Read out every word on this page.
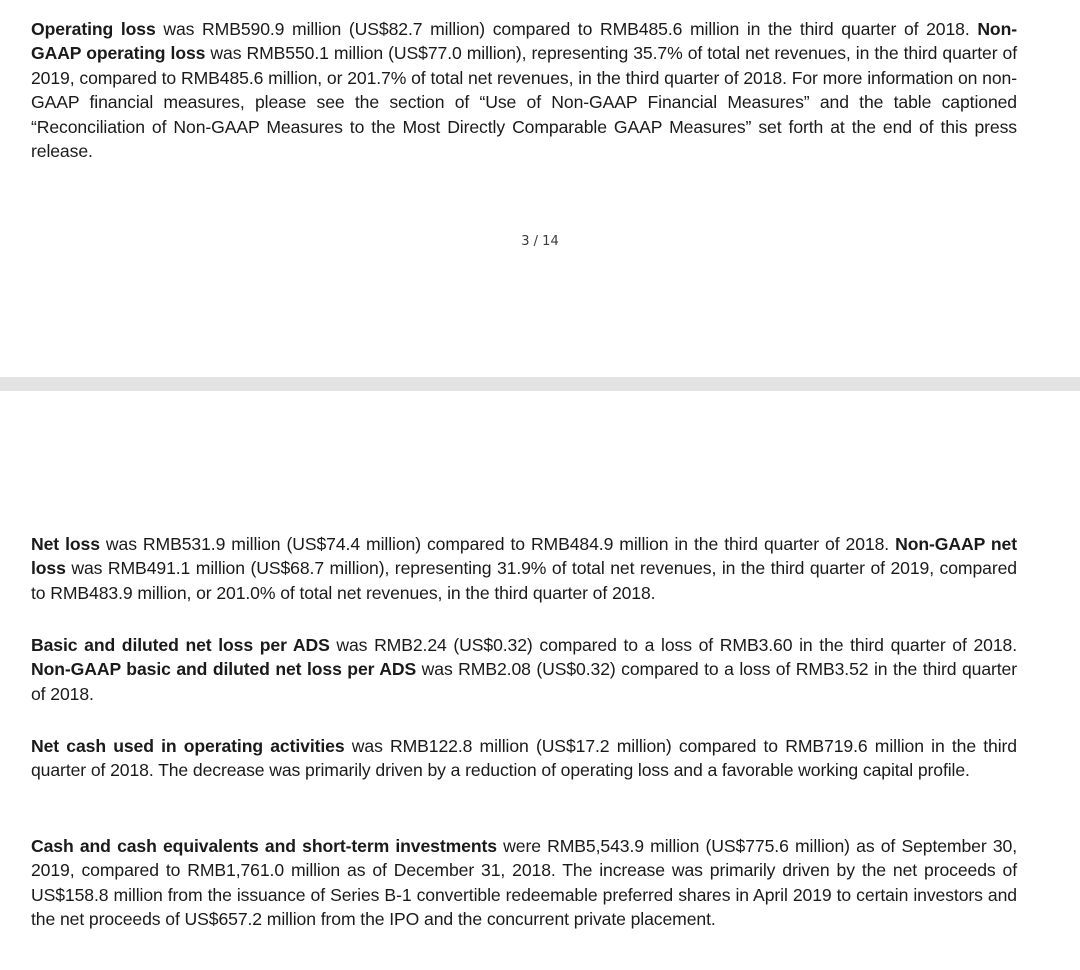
Operating loss was RMB590.9 million (US$82.7 million) compared to RMB485.6 million in the third quarter of 2018. Non-GAAP operating loss was RMB550.1 million (US$77.0 million), representing 35.7% of total net revenues, in the third quarter of 2019, compared to RMB485.6 million, or 201.7% of total net revenues, in the third quarter of 2018. For more information on non-GAAP financial measures, please see the section of “Use of Non-GAAP Financial Measures” and the table captioned “Reconciliation of Non-GAAP Measures to the Most Directly Comparable GAAP Measures” set forth at the end of this press release.

3 / 14

Net loss was RMB531.9 million (US$74.4 million) compared to RMB484.9 million in the third quarter of 2018. Non-GAAP net loss was RMB491.1 million (US$68.7 million), representing 31.9% of total net revenues, in the third quarter of 2019, compared to RMB483.9 million, or 201.0% of total net revenues, in the third quarter of 2018.

Basic and diluted net loss per ADS was RMB2.24 (US$0.32) compared to a loss of RMB3.60 in the third quarter of 2018. Non-GAAP basic and diluted net loss per ADS was RMB2.08 (US$0.32) compared to a loss of RMB3.52 in the third quarter of 2018.

Net cash used in operating activities was RMB122.8 million (US$17.2 million) compared to RMB719.6 million in the third quarter of 2018. The decrease was primarily driven by a reduction of operating loss and a favorable working capital profile.

Cash and cash equivalents and short-term investments were RMB5,543.9 million (US$775.6 million) as of September 30, 2019, compared to RMB1,761.0 million as of December 31, 2018. The increase was primarily driven by the net proceeds of US$158.8 million from the issuance of Series B-1 convertible redeemable preferred shares in April 2019 to certain investors and the net proceeds of US$657.2 million from the IPO and the concurrent private placement.
